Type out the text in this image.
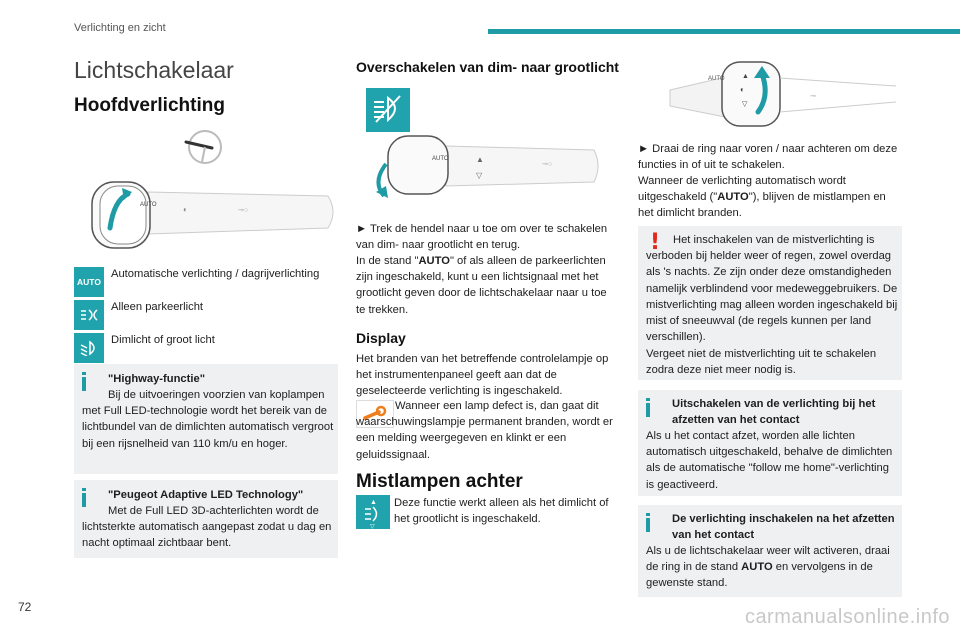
Verlichting en zicht
Lichtschakelaar
Hoofdverlichting
AUTO	◐	⊸○
AUTO
Automatische verlichting / dagrijverlichting
Alleen parkeerlicht
Dimlicht of groot licht
"Highway-functie"
Bij de uitvoeringen voorzien van koplampen met Full LED-technologie wordt het bereik van de lichtbundel van de dimlichten automatisch vergroot bij een rijsnelheid van 110 km/u en hoger.
"Peugeot Adaptive LED Technology"
Met de Full LED 3D-achterlichten wordt de lichtsterkte automatisch aangepast zodat u dag en nacht optimaal zichtbaar bent.
Overschakelen van dim- naar grootlicht
AUTO	▲
▽
⊸○
► Trek de hendel naar u toe om over te schakelen van dim- naar grootlicht en terug.
In de stand "AUTO" of als alleen de parkeerlichten zijn ingeschakeld, kunt u een lichtsignaal met het grootlicht geven door de lichtschakelaar naar u toe te trekken.
Display
Het branden van het betreffende controlelampje op het instrumentenpaneel geeft aan dat de geselecteerde verlichting is ingeschakeld.
Wanneer een lamp defect is, dan gaat dit waarschuwingslampje permanent branden, wordt er een melding weergegeven en klinkt er een geluidssignaal.
Mistlampen achter
▲
▽
Deze functie werkt alleen als het dimlicht of het grootlicht is ingeschakeld.
AUTO ▲
◐
▽
⊸
► Draai de ring naar voren / naar achteren om deze functies in of uit te schakelen.
Wanneer de verlichting automatisch wordt uitgeschakeld ("AUTO"), blijven de mistlampen en het dimlicht branden.
!	Het inschakelen van de mistverlichting is verboden bij helder weer of regen, zowel overdag als 's nachts. Ze zijn onder deze omstandigheden namelijk verblindend voor medeweggebruikers. De mistverlichting mag alleen worden ingeschakeld bij mist of sneeuwval (de regels kunnen per land verschillen).
Vergeet niet de mistverlichting uit te schakelen zodra deze niet meer nodig is.
Uitschakelen van de verlichting bij het afzetten van het contact
Als u het contact afzet, worden alle lichten automatisch uitgeschakeld, behalve de dimlichten als de automatische "follow me home"-verlichting is geactiveerd.
De verlichting inschakelen na het afzetten van het contact
Als u de lichtschakelaar weer wilt activeren, draai de ring in de stand AUTO en vervolgens in de gewenste stand.
72	carmanualsonline.info
